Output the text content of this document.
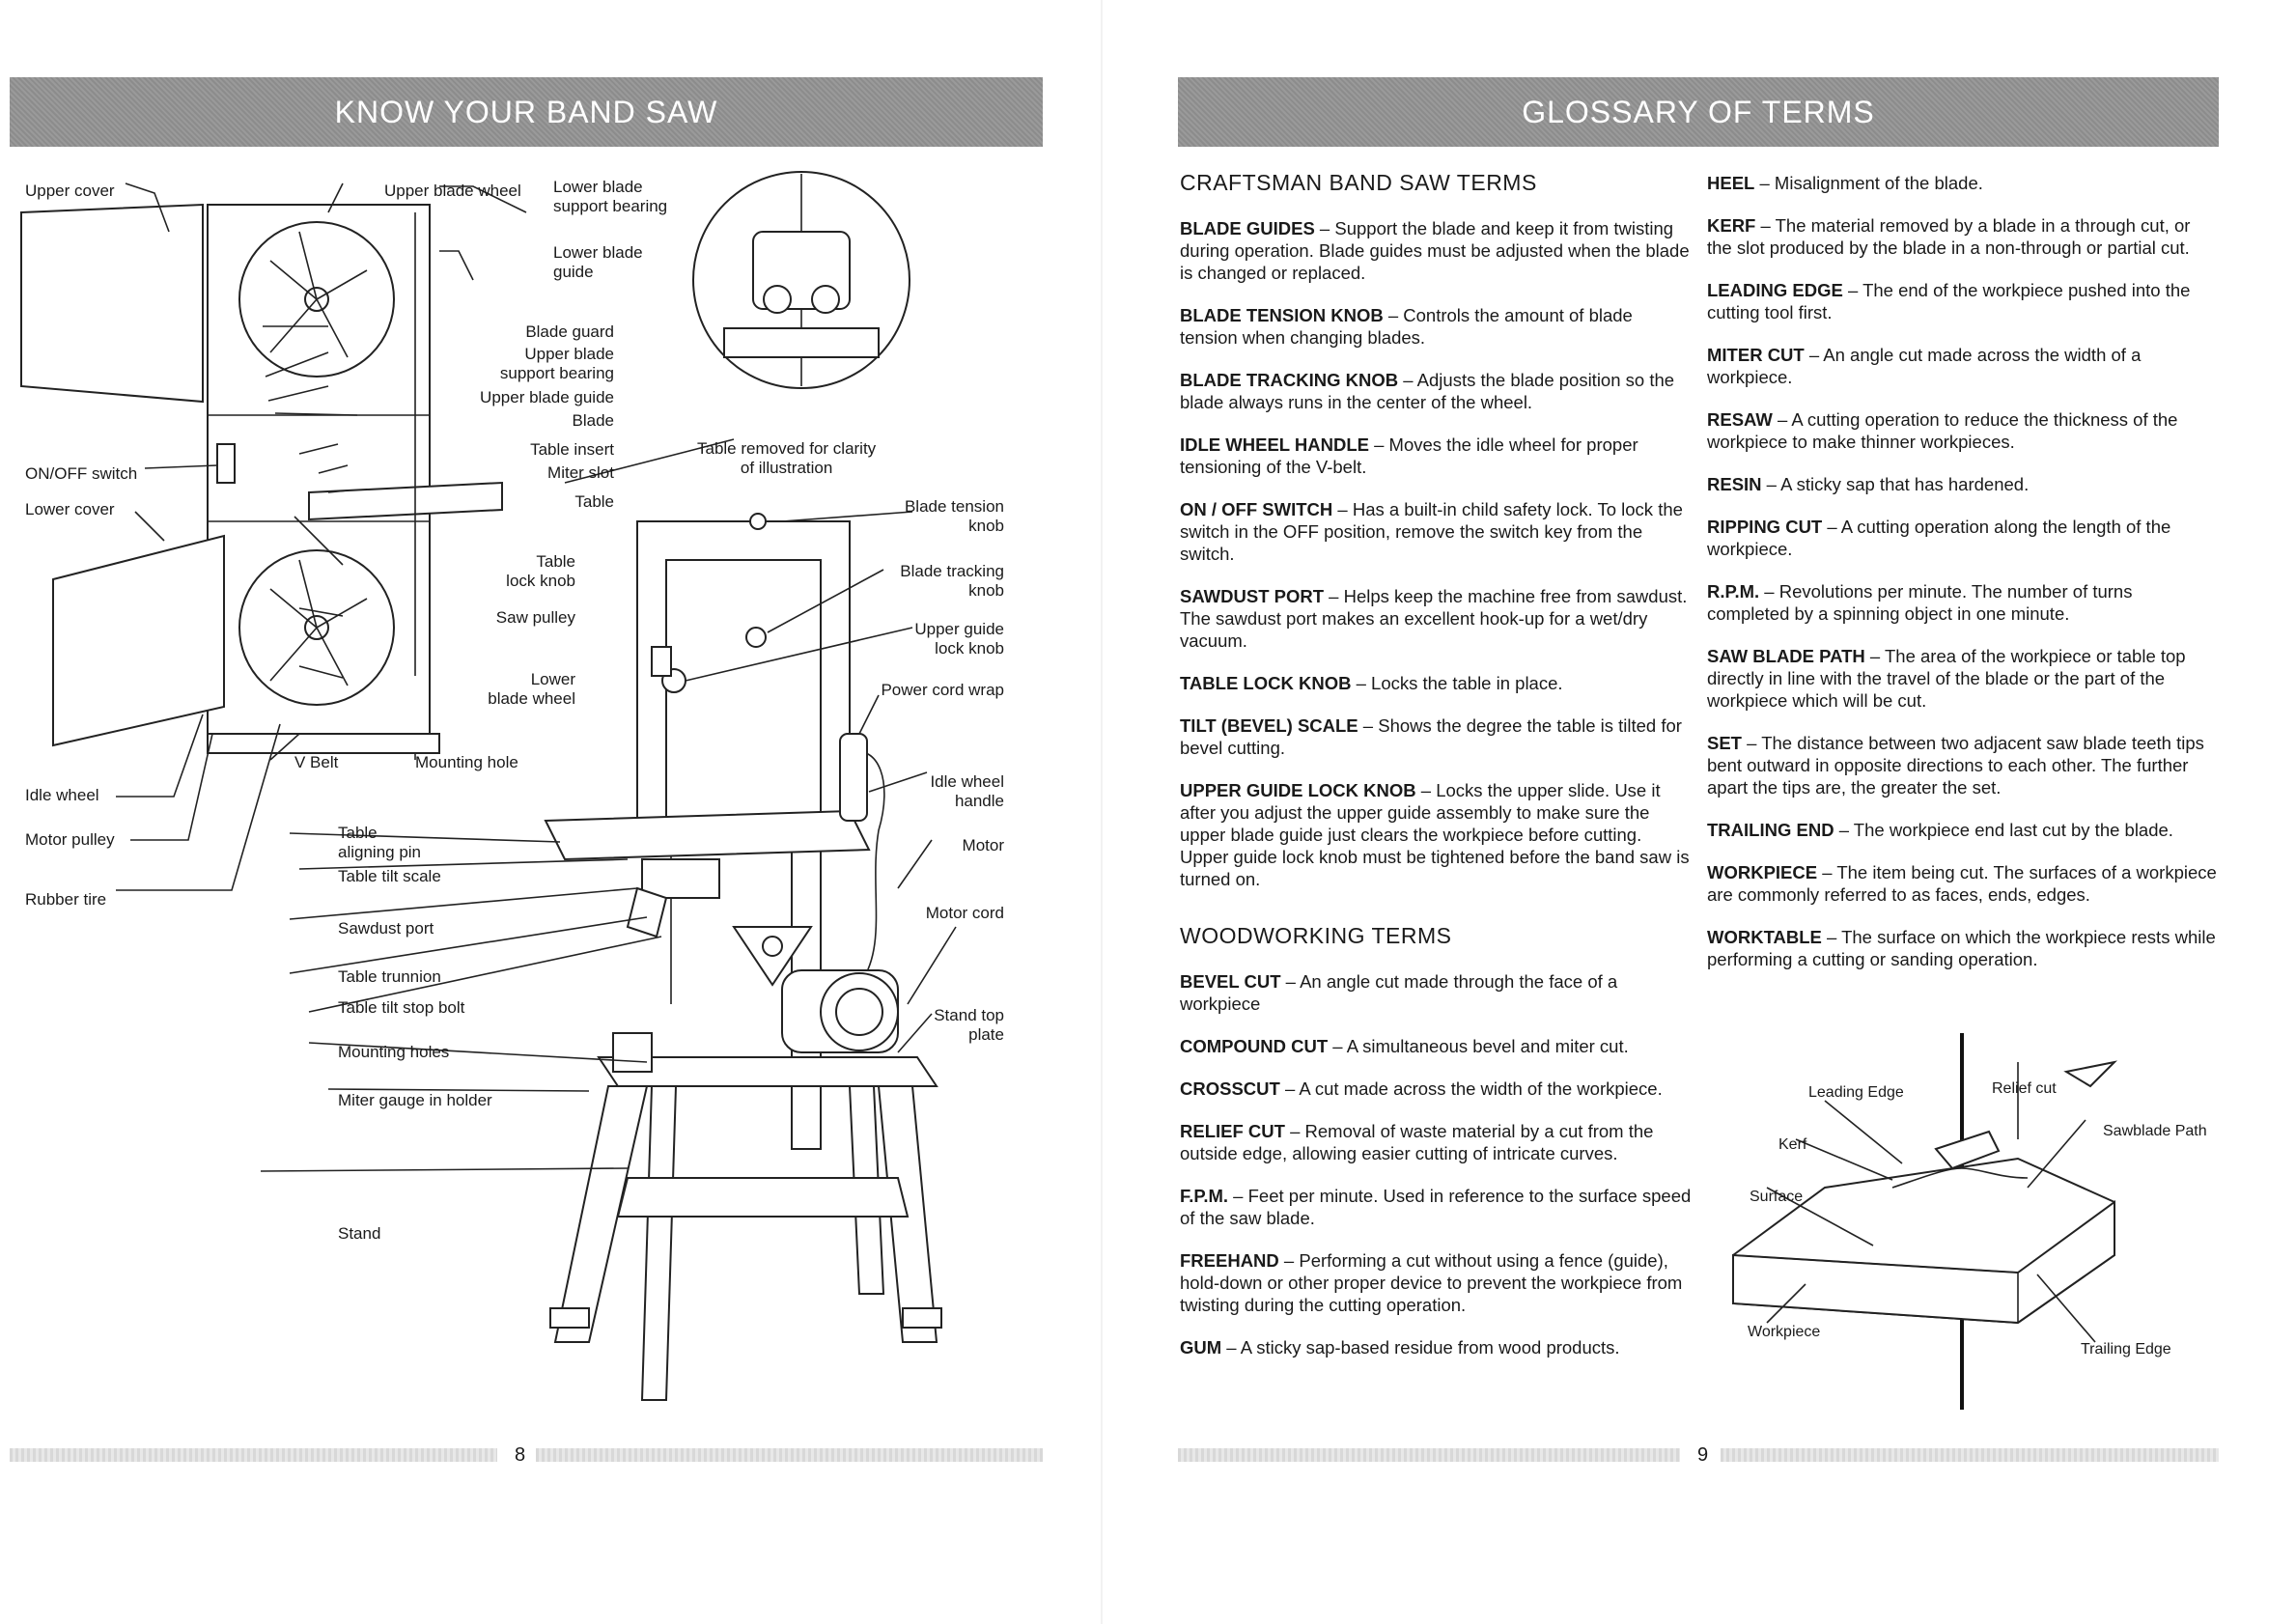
KNOW YOUR BAND SAW
Upper cover	Upper blade wheel Lower blade
support bearing
Lower blade
guide
Blade guard
Upper blade
support bearing
Upper blade guide
Blade
Table insert
Miter slot
Table
ON/OFF switch
Lower cover
Table removed for clarity
of illustration
Blade tension
knob
Blade tracking
knob
Upper guide
lock knob
Power cord wrap
Table
lock knob
Saw pulley
Lower
blade wheel
V Belt	Mounting hole
Idle wheel
Motor pulley
Rubber tire
Idle wheel
handle
Motor
Motor cord
Stand top
plate
Table
aligning pin
Table tilt scale
Sawdust port
Table trunnion
Table tilt stop bolt
Mounting holes
Miter gauge in holder
Stand
8
GLOSSARY OF TERMS
CRAFTSMAN BAND SAW TERMS
BLADE GUIDES – Support the blade and keep it from twisting during operation. Blade guides must be adjusted when the blade is changed or replaced.
BLADE TENSION KNOB – Controls the amount of blade tension when changing blades.
BLADE TRACKING KNOB – Adjusts the blade position so the blade always runs in the center of the wheel.
IDLE WHEEL HANDLE – Moves the idle wheel for proper tensioning of the V-belt.
ON / OFF SWITCH – Has a built-in child safety lock. To lock the switch in the OFF position, remove the switch key from the switch.
SAWDUST PORT – Helps keep the machine free from sawdust. The sawdust port makes an excellent hook-up for a wet/dry vacuum.
TABLE LOCK KNOB – Locks the table in place.
TILT (BEVEL) SCALE – Shows the degree the table is tilted for bevel cutting.
UPPER GUIDE LOCK KNOB – Locks the upper slide. Use it after you adjust the upper guide assembly to make sure the upper blade guide just clears the workpiece before cutting. Upper guide lock knob must be tightened before the band saw is turned on.
WOODWORKING TERMS
BEVEL CUT – An angle cut made through the face of a workpiece
COMPOUND CUT – A simultaneous bevel and miter cut.
CROSSCUT – A cut made across the width of the workpiece.
RELIEF CUT – Removal of waste material by a cut from the outside edge, allowing easier cutting of intricate curves.
F.P.M. – Feet per minute. Used in reference to the surface speed of the saw blade.
FREEHAND – Performing a cut without using a fence (guide), hold-down or other proper device to prevent the workpiece from twisting during the cutting operation.
GUM – A sticky sap-based residue from wood products.
HEEL – Misalignment of the blade.
KERF – The material removed by a blade in a through cut, or the slot produced by the blade in a non-through or partial cut.
LEADING EDGE – The end of the workpiece pushed into the cutting tool first.
MITER CUT – An angle cut made across the width of a workpiece.
RESAW – A cutting operation to reduce the thickness of the workpiece to make thinner workpieces.
RESIN – A sticky sap that has hardened.
RIPPING CUT – A cutting operation along the length of the workpiece.
R.P.M. – Revolutions per minute. The number of turns completed by a spinning object in one minute.
SAW BLADE PATH – The area of the workpiece or table top directly in line with the travel of the blade or the part of the workpiece which will be cut.
SET – The distance between two adjacent saw blade teeth tips bent outward in opposite directions to each other. The further apart the tips are, the greater the set.
TRAILING END – The workpiece end last cut by the blade.
WORKPIECE – The item being cut. The surfaces of a workpiece are commonly referred to as faces, ends, edges.
WORKTABLE – The surface on which the workpiece rests while performing a cutting or sanding operation.
Leading Edge	Relief cut
Kerf
Sawblade Path
Surface
Workpiece
Trailing Edge
9
